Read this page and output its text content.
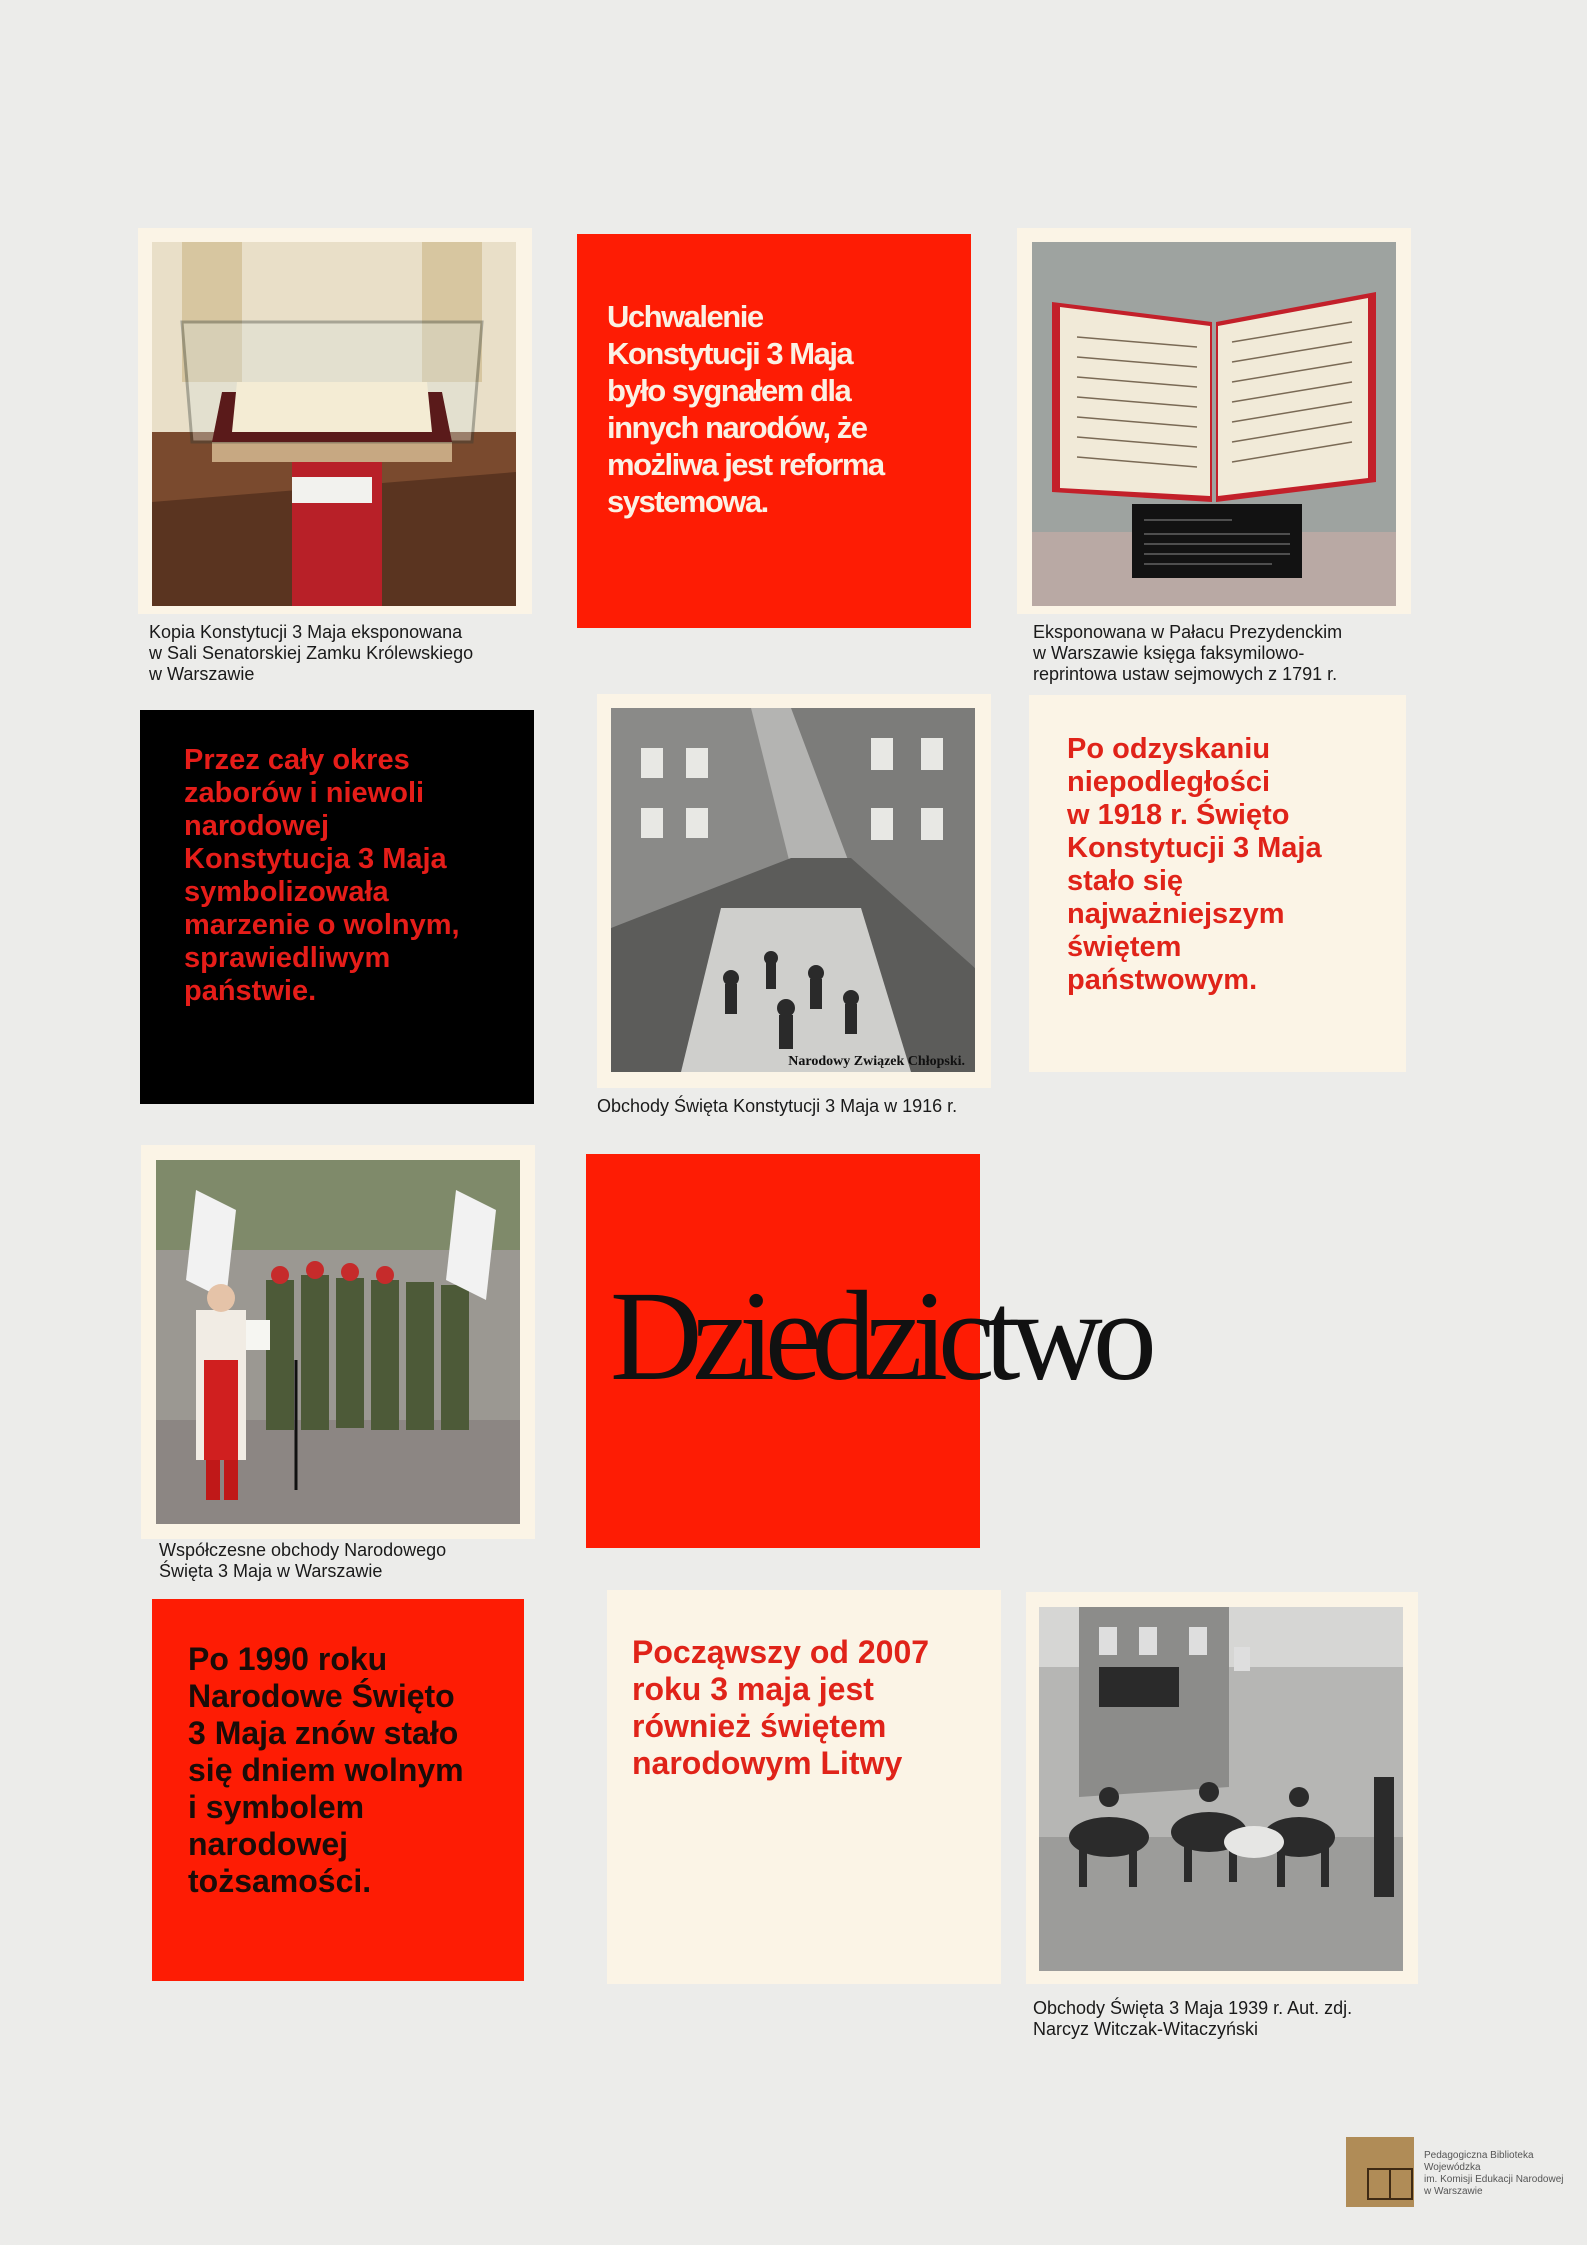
Kopia Konstytucji 3 Maja eksponowana
w Sali Senatorskiej Zamku Królewskiego
w Warszawie
Uchwalenie
Konstytucji 3 Maja
było sygnałem dla
innych narodów, że
możliwa jest reforma
systemowa.
Eksponowana w Pałacu Prezydenckim
w Warszawie księga faksymilowo-
reprintowa ustaw sejmowych z 1791 r.
Przez cały okres
zaborów i niewoli
narodowej
Konstytucja 3 Maja
symbolizowała
marzenie o wolnym,
sprawiedliwym
państwie.
Narodowy Związek Chłopski.
Obchody Święta Konstytucji 3 Maja w 1916 r.
Po odzyskaniu
niepodległości
w 1918 r. Święto
Konstytucji 3 Maja
stało się
najważniejszym
świętem
państwowym.
Współczesne obchody Narodowego
Święta 3 Maja w Warszawie
Dziedzictwo
Po 1990 roku
Narodowe Święto
3 Maja znów stało
się dniem wolnym
i symbolem
narodowej
tożsamości.
Począwszy od 2007
roku 3 maja jest
również świętem
narodowym Litwy
Obchody Święta 3 Maja 1939 r. Aut. zdj.
Narcyz Witczak-Witaczyński
Pedagogiczna Biblioteka Wojewódzka
im. Komisji Edukacji Narodowej
w Warszawie
